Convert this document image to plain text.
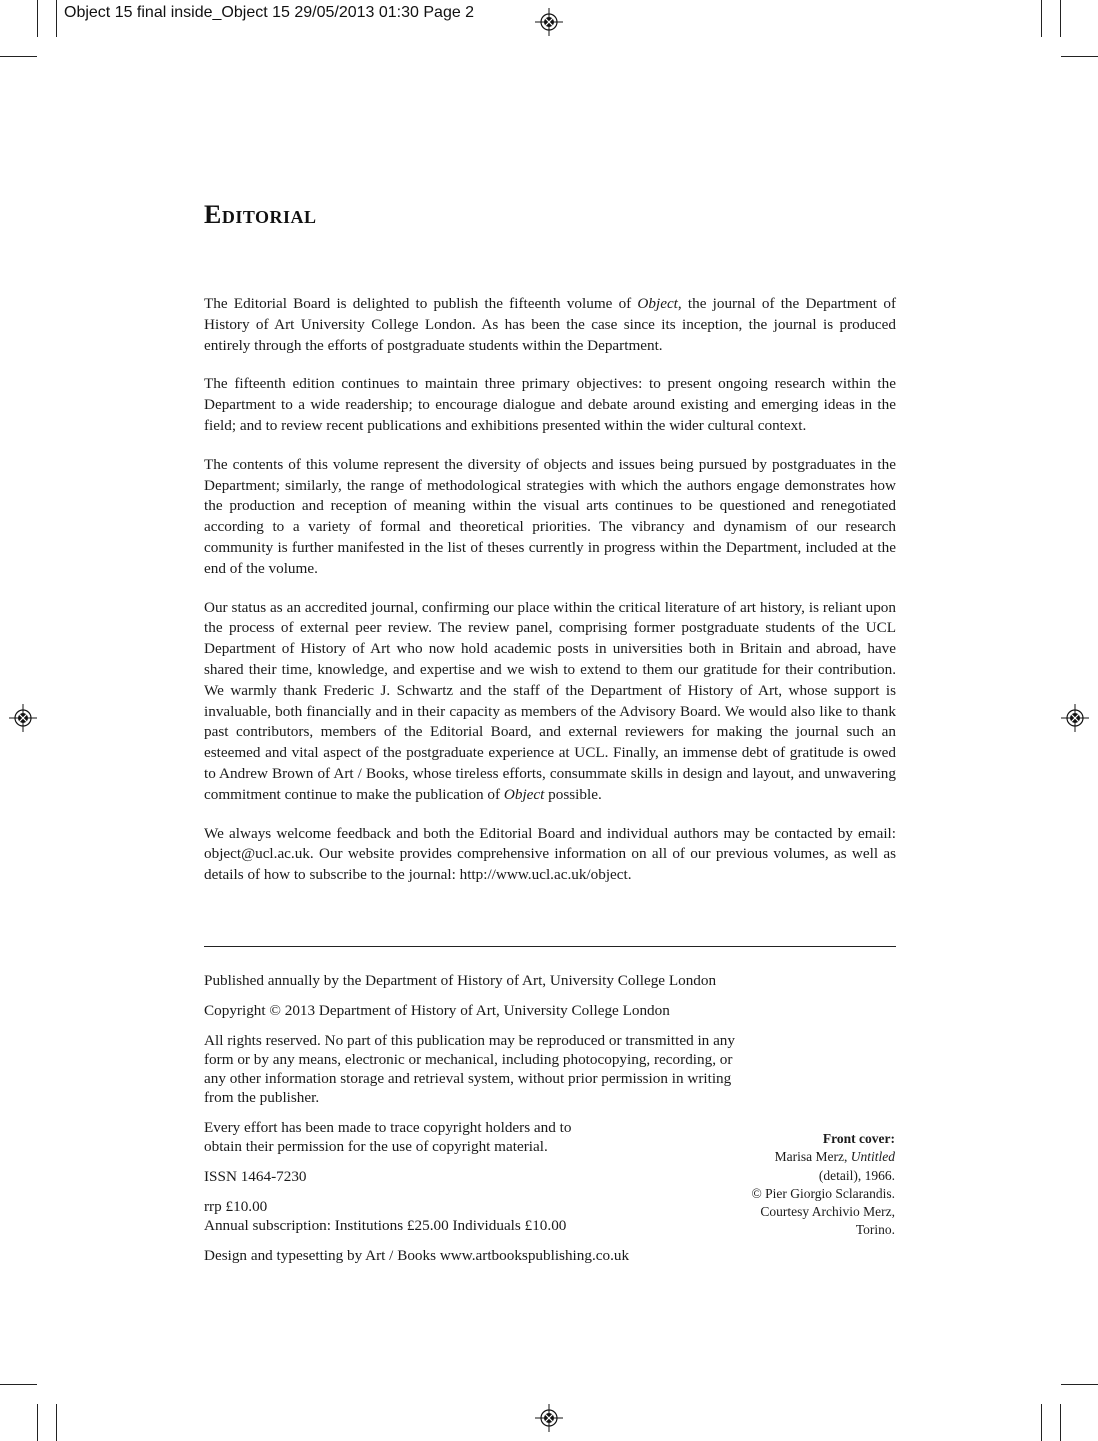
Object 15 final inside_Object 15 29/05/2013 01:30 Page 2
Editorial

The Editorial Board is delighted to publish the fifteenth volume of Object, the journal of the Department of History of Art University College London. As has been the case since its inception, the journal is produced entirely through the efforts of postgraduate students within the Department.

The fifteenth edition continues to maintain three primary objectives: to present ongoing research within the Department to a wide readership; to encourage dialogue and debate around existing and emerging ideas in the field; and to review recent publications and exhibitions presented within the wider cultural context.

The contents of this volume represent the diversity of objects and issues being pursued by postgraduates in the Department; similarly, the range of methodological strategies with which the authors engage demonstrates how the production and reception of meaning within the visual arts continues to be questioned and renegotiated according to a variety of formal and theoretical priorities. The vibrancy and dynamism of our research community is further manifested in the list of theses currently in progress within the Department, included at the end of the volume.

Our status as an accredited journal, confirming our place within the critical literature of art history, is reliant upon the process of external peer review. The review panel, comprising former postgraduate students of the UCL Department of History of Art who now hold academic posts in universities both in Britain and abroad, have shared their time, knowledge, and expertise and we wish to extend to them our gratitude for their contribution. We warmly thank Frederic J. Schwartz and the staff of the Department of History of Art, whose support is invaluable, both financially and in their capacity as members of the Advisory Board. We would also like to thank past contributors, members of the Editorial Board, and external reviewers for making the journal such an esteemed and vital aspect of the postgraduate experience at UCL. Finally, an immense debt of gratitude is owed to Andrew Brown of Art / Books, whose tireless efforts, consummate skills in design and layout, and unwavering commitment continue to make the publication of Object possible.

We always welcome feedback and both the Editorial Board and individual authors may be contacted by email: object@ucl.ac.uk. Our website provides comprehensive information on all of our previous volumes, as well as details of how to subscribe to the journal: http://www.ucl.ac.uk/object.

Published annually by the Department of History of Art, University College London

Copyright © 2013 Department of History of Art, University College London

All rights reserved. No part of this publication may be reproduced or transmitted in any form or by any means, electronic or mechanical, including photocopying, recording, or any other information storage and retrieval system, without prior permission in writing from the publisher.

Every effort has been made to trace copyright holders and to
obtain their permission for the use of copyright material.

ISSN 1464-7230

rrp £10.00
Annual subscription: Institutions £25.00 Individuals £10.00

Design and typesetting by Art / Books www.artbookspublishing.co.uk

Front cover:
Marisa Merz, Untitled
(detail), 1966.
© Pier Giorgio Sclarandis.
Courtesy Archivio Merz,
Torino.
